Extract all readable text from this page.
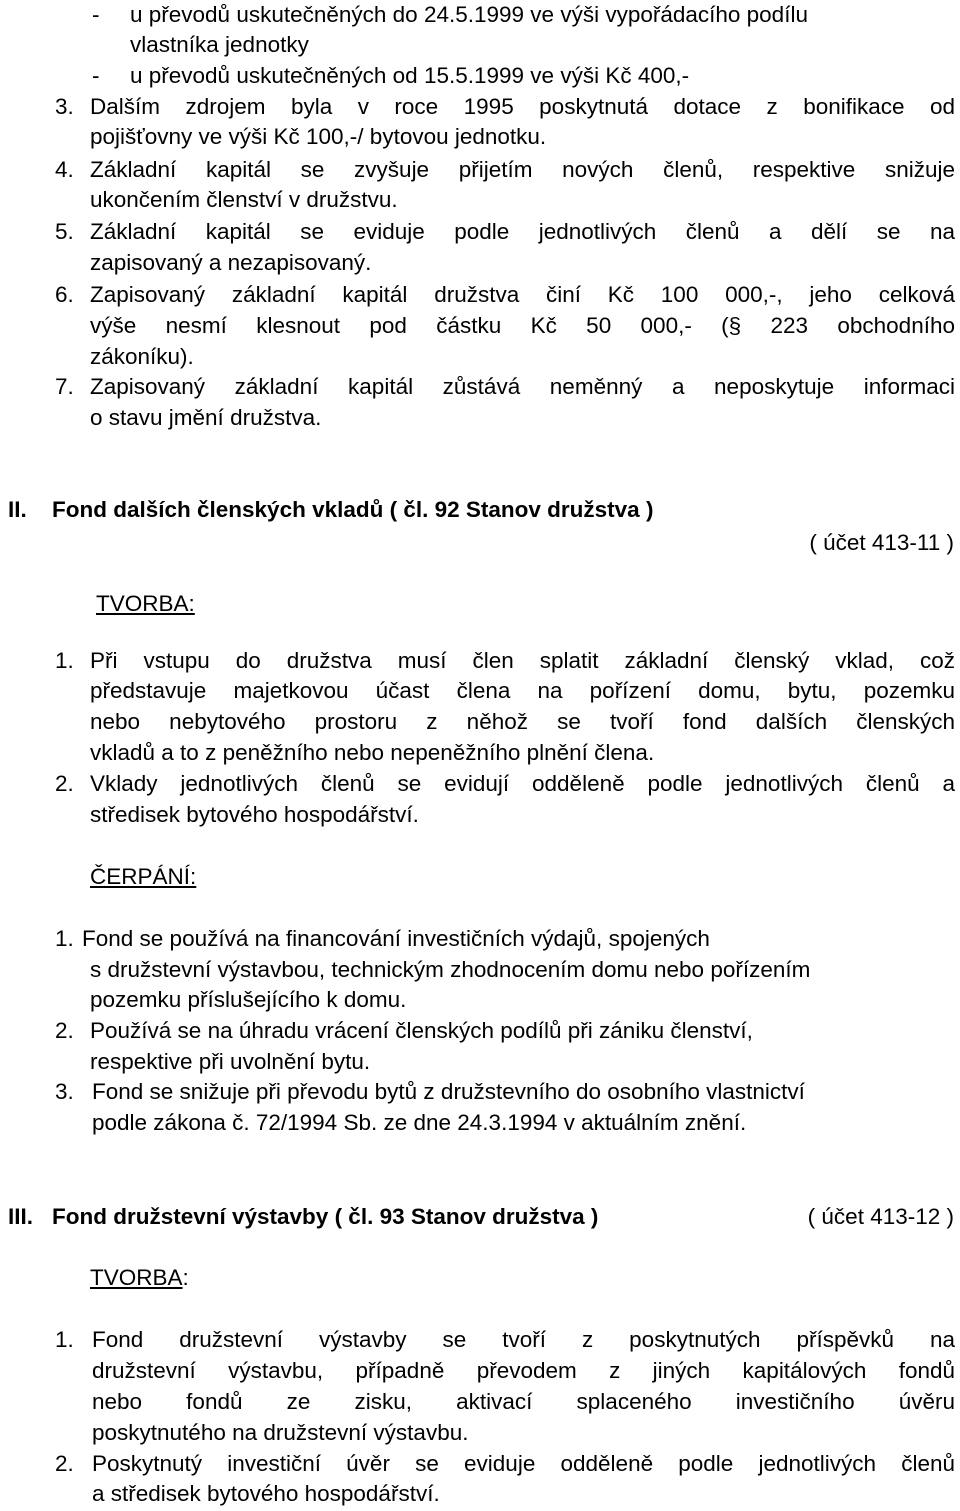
- u převodů uskutečněných do 24.5.1999 ve výši vypořádacího podílu
vlastníka jednotky
- u převodů uskutečněných od 15.5.1999 ve výši Kč 400,-
3. Dalším zdrojem byla v roce 1995 poskytnutá dotace z bonifikace od
pojišťovny ve výši Kč 100,-/ bytovou jednotku.
4. Základní kapitál se zvyšuje přijetím nových členů, respektive snižuje
ukončením členství v družstvu.
5. Základní kapitál se eviduje podle jednotlivých členů a dělí se na
zapisovaný a nezapisovaný.
6. Zapisovaný základní kapitál družstva činí Kč 100 000,-, jeho celková
výše nesmí klesnout pod částku Kč 50 000,- (§ 223 obchodního
zákoníku).
7. Zapisovaný základní kapitál zůstává neměnný a neposkytuje informaci
o stavu jmění družstva.
II. Fond dalších členských vkladů ( čl. 92 Stanov družstva )
( účet 413-11 )
TVORBA:
1. Při vstupu do družstva musí člen splatit základní členský vklad, což
představuje majetkovou účast člena na pořízení domu, bytu, pozemku
nebo nebytového prostoru z něhož se tvoří fond dalších členských
vkladů a to z peněžního nebo nepeněžního plnění člena.
2. Vklady jednotlivých členů se evidují odděleně podle jednotlivých členů a
středisek bytového hospodářství.
ČERPÁNÍ:
1. Fond se používá na financování investičních výdajů, spojených
s družstevní výstavbou, technickým zhodnocením domu nebo pořízením
pozemku příslušejícího k domu.
2. Používá se na úhradu vrácení členských podílů při zániku členství,
respektive při uvolnění bytu.
3. Fond se snižuje při převodu bytů z družstevního do osobního vlastnictví
podle zákona č. 72/1994 Sb. ze dne 24.3.1994 v aktuálním znění.
III. Fond družstevní výstavby ( čl. 93 Stanov družstva )	( účet 413-12 )
TVORBA:
1. Fond družstevní výstavby se tvoří z poskytnutých příspěvků na
družstevní výstavbu, případně převodem z jiných kapitálových fondů
nebo fondů ze zisku, aktivací splaceného investičního úvěru
poskytnutého na družstevní výstavbu.
2. Poskytnutý investiční úvěr se eviduje odděleně podle jednotlivých členů
a středisek bytového hospodářství.
